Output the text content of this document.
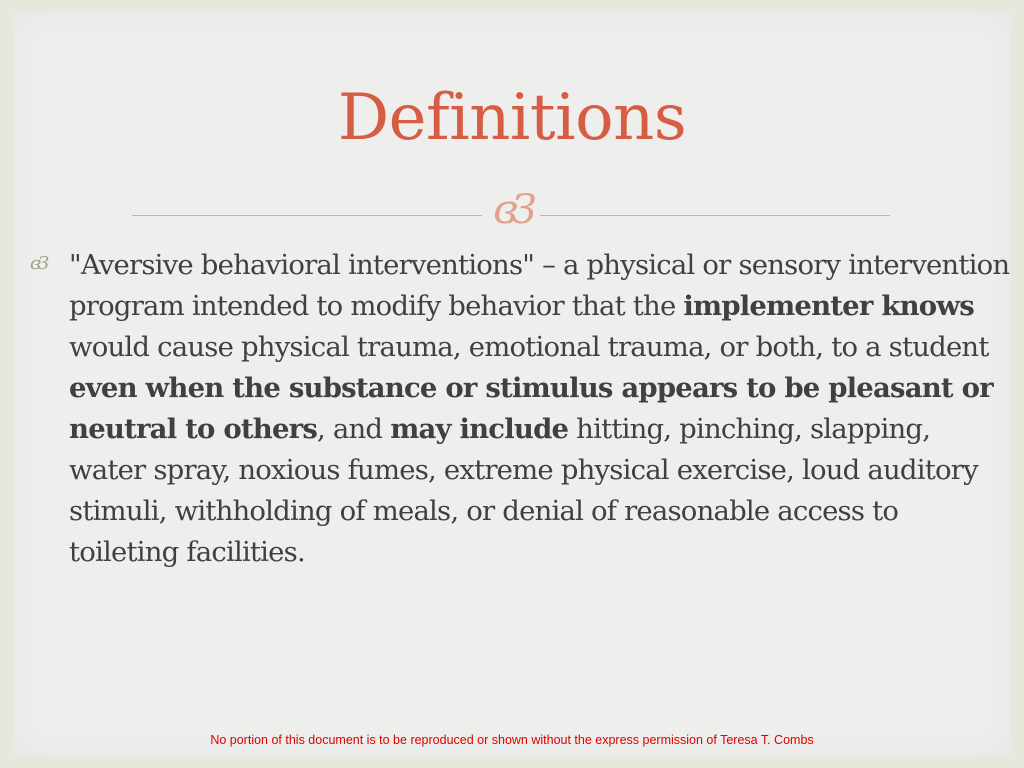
Definitions
ɞЗ
ɞЗ "Aversive behavioral interventions" – a physical or sensory intervention program intended to modify behavior that the implementer knows would cause physical trauma, emotional trauma, or both, to a student even when the substance or stimulus appears to be pleasant or neutral to others, and may include hitting, pinching, slapping, water spray, noxious fumes, extreme physical exercise, loud auditory stimuli, withholding of meals, or denial of reasonable access to toileting facilities.
No portion of this document is to be reproduced or shown without the express permission of Teresa T. Combs
